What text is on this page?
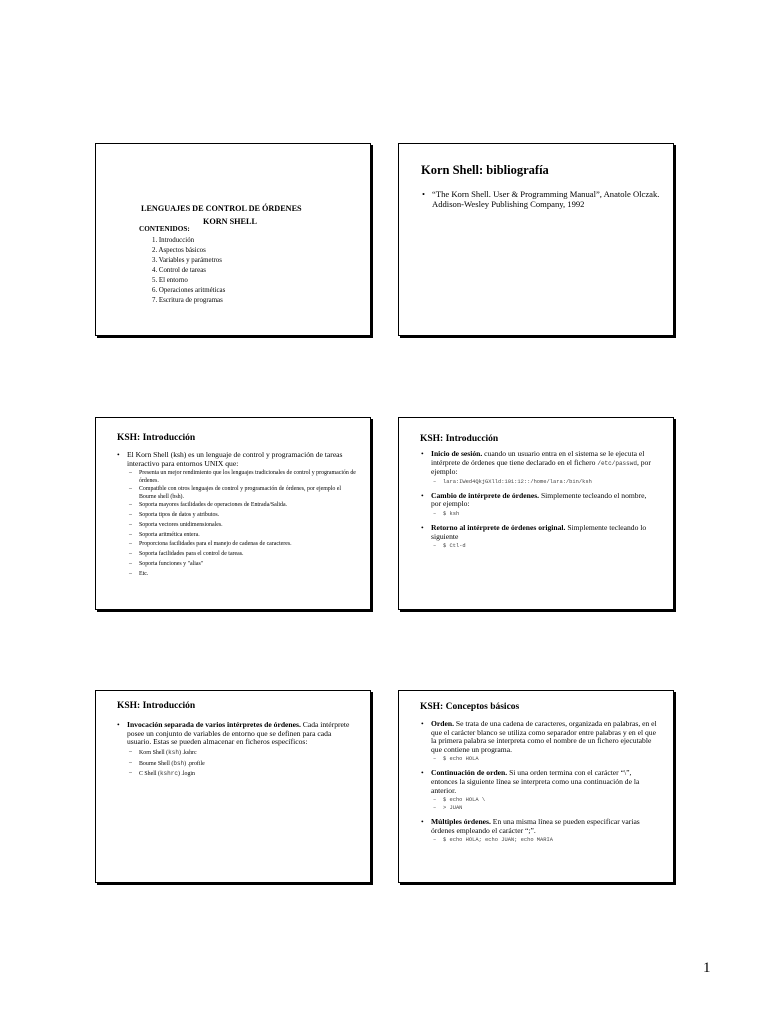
LENGUAJES DE CONTROL DE ÓRDENES
KORN SHELL
CONTENIDOS:
1. Introducción
2. Aspectos básicos
3. Variables y parámetros
4. Control de tareas
5. El entorno
6. Operaciones aritméticas
7. Escritura de programas
Korn Shell: bibliografía
• “The Korn Shell. User & Programming Manual”, Anatole Olczak. Addison-Wesley Publishing Company, 1992
KSH: Introducción
• El Korn Shell (ksh) es un lenguaje de control y programación de tareas interactivo para entornos UNIX que:
– Presenta un mejor rendimiento que los lenguajes tradicionales de control y programación de órdenes.
– Compatible con otros lenguajes de control y programación de órdenes, por ejemplo el Bourne shell (bsh).
– Soporta mayores facilidades de operaciones de Entrada/Salida.
– Soporta tipos de datos y atributos.
– Soporta vectores unidimensionales.
– Soporta aritmética entera.
– Proporciona facilidades para el manejo de cadenas de caracteres.
– Soporta facilidades para el control de tareas.
– Soporta funciones y "alias"
– Etc.
KSH: Introducción
• Inicio de sesión. cuando un usuario entra en el sistema se le ejecuta el intérprete de órdenes que tiene declarado en el fichero /etc/passwd, por ejemplo:
– lara:IWed4QkjGXlld:101:12::/home/lara:/bin/ksh
• Cambio de intérprete de órdenes. Simplemente tecleando el nombre, por ejemplo:
– $ ksh
• Retorno al intérprete de órdenes original. Simplemente tecleando lo siguiente
– $ Ctl-d
KSH: Introducción
• Invocación separada de varios intérpretes de órdenes. Cada intérprete posee un conjunto de variables de entorno que se definen para cada usuario. Estas se pueden almacenar en ficheros específicos:
– Korn Shell (ksh) .kshrc
– Bourne Shell (bsh) .profile
– C Shell (kshrc) .login
KSH: Conceptos básicos
• Orden. Se trata de una cadena de caracteres, organizada en palabras, en el que el carácter blanco se utiliza como separador entre palabras y en el que la primera palabra se interpreta como el nombre de un fichero ejecutable que contiene un programa.
– $ echo HOLA
• Continuación de orden. Si una orden termina con el carácter “\”, entonces la siguiente línea se interpreta como una continuación de la anterior.
– $ echo HOLA \
– > JUAN
• Múltiples órdenes. En una misma línea se pueden especificar varias órdenes empleando el carácter “;”.
– $ echo HOLA; echo JUAN; echo MARIA
1
